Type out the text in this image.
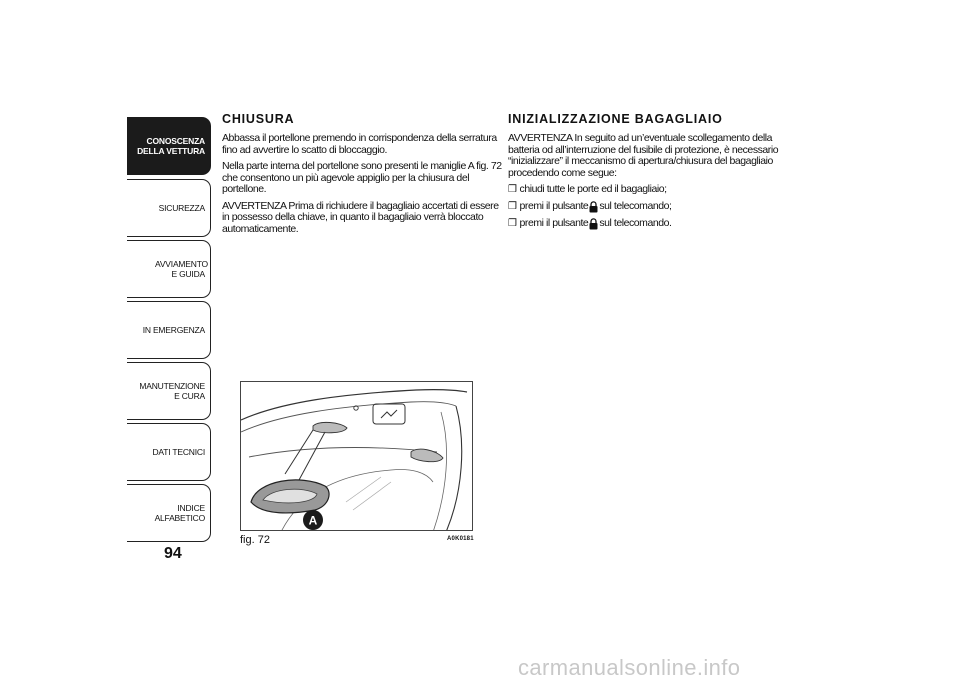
CONOSCENZA DELLA VETTURA
SICUREZZA
AVVIAMENTO E GUIDA
IN EMERGENZA
MANUTENZIONE E CURA
DATI TECNICI
INDICE ALFABETICO
94
CHIUSURA

Abbassa il portellone premendo in corrispondenza della serratura fino ad avvertire lo scatto di bloccaggio.

Nella parte interna del portellone sono presenti le maniglie A fig. 72 che consentono un più agevole appiglio per la chiusura del portellone.

AVVERTENZA Prima di richiudere il bagagliaio accertati di essere in possesso della chiave, in quanto il bagagliaio verrà bloccato automaticamente.

INIZIALIZZAZIONE BAGAGLIAIO

AVVERTENZA In seguito ad un’eventuale scollegamento della batteria od all’interruzione del fusibile di protezione, è necessario “inizializzare” il meccanismo di apertura/chiusura del bagagliaio procedendo come segue:

❒ chiudi tutte le porte ed il bagagliaio;
❒ premi il pulsante sul telecomando;
❒ premi il pulsante sul telecomando.
A
fig. 72	A0K0181
carmanualsonline.info
